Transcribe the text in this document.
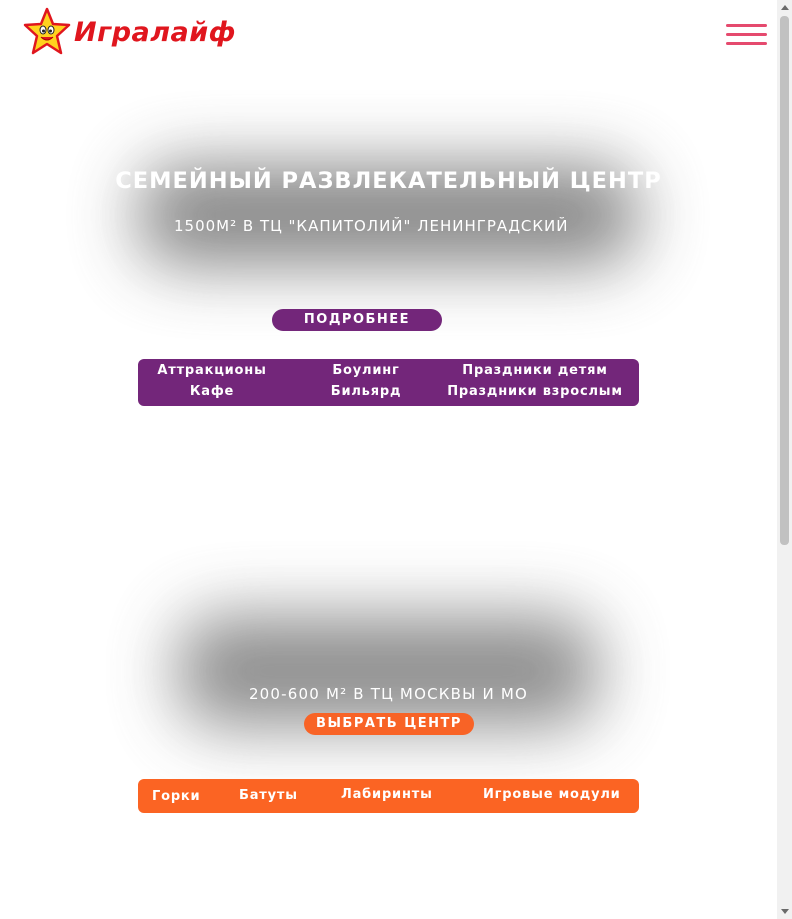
Игралайф
СЕМЕЙНЫЙ РАЗВЛЕКАТЕЛЬНЫЙ ЦЕНТР

1500М² В ТЦ "КАПИТОЛИЙ" ЛЕНИНГРАДСКИЙ

ПОДРОБНЕЕ
Аттракционы	Боулинг	Праздники детям
Кафе	Бильярд	Праздники взрослым

200-600 М² В ТЦ МОСКВЫ И МО

ВЫБРАТЬ ЦЕНТР
Горки	Батуты	Лабиринты	Игровые модули
